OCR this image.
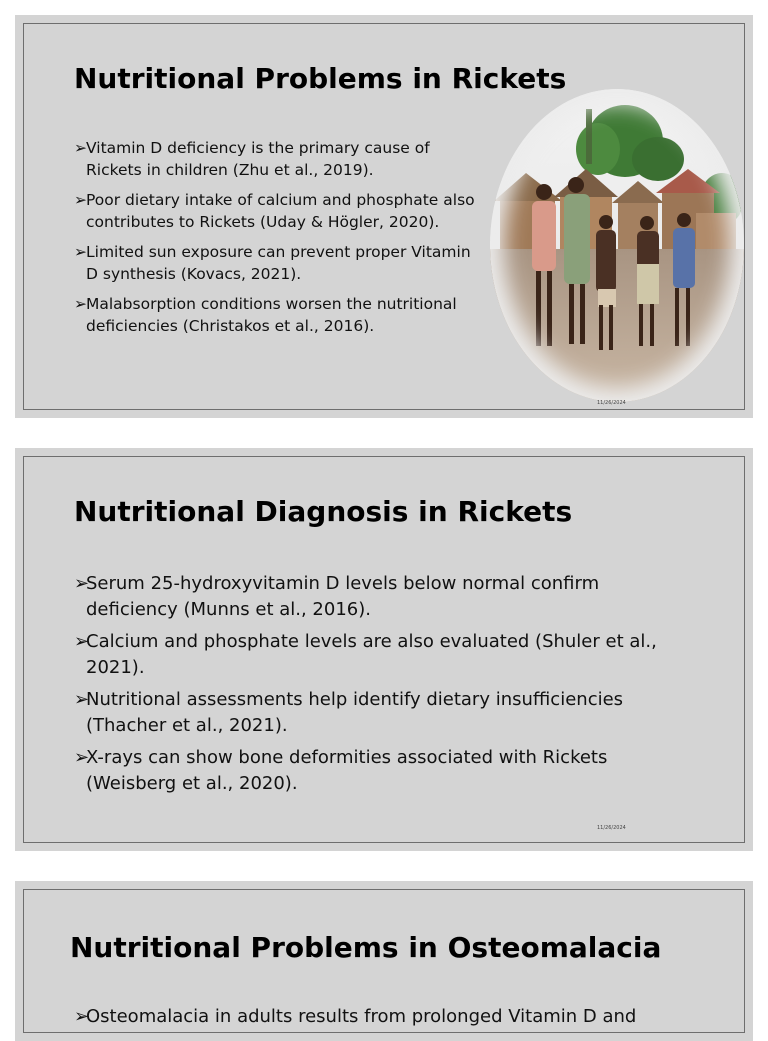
Nutritional Problems in Rickets
➢ Vitamin D deficiency is the primary cause of Rickets in children (Zhu et al., 2019).
➢ Poor dietary intake of calcium and phosphate also contributes to Rickets (Uday & Högler, 2020).
➢ Limited sun exposure can prevent proper Vitamin D synthesis (Kovacs, 2021).
➢ Malabsorption conditions worsen the nutritional deficiencies (Christakos et al., 2016).
11/26/2024
Nutritional Diagnosis in Rickets
➢
Serum 25-hydroxyvitamin D levels below normal confirm deficiency (Munns et al., 2016).
➢
Calcium and phosphate levels are also evaluated (Shuler et al., 2021).
➢
Nutritional assessments help identify dietary insufficiencies (Thacher et al., 2021).
➢
X-rays can show bone deformities associated with Rickets (Weisberg et al., 2020).
11/26/2024
Nutritional Problems in Osteomalacia
➢
Osteomalacia in adults results from prolonged Vitamin D and
